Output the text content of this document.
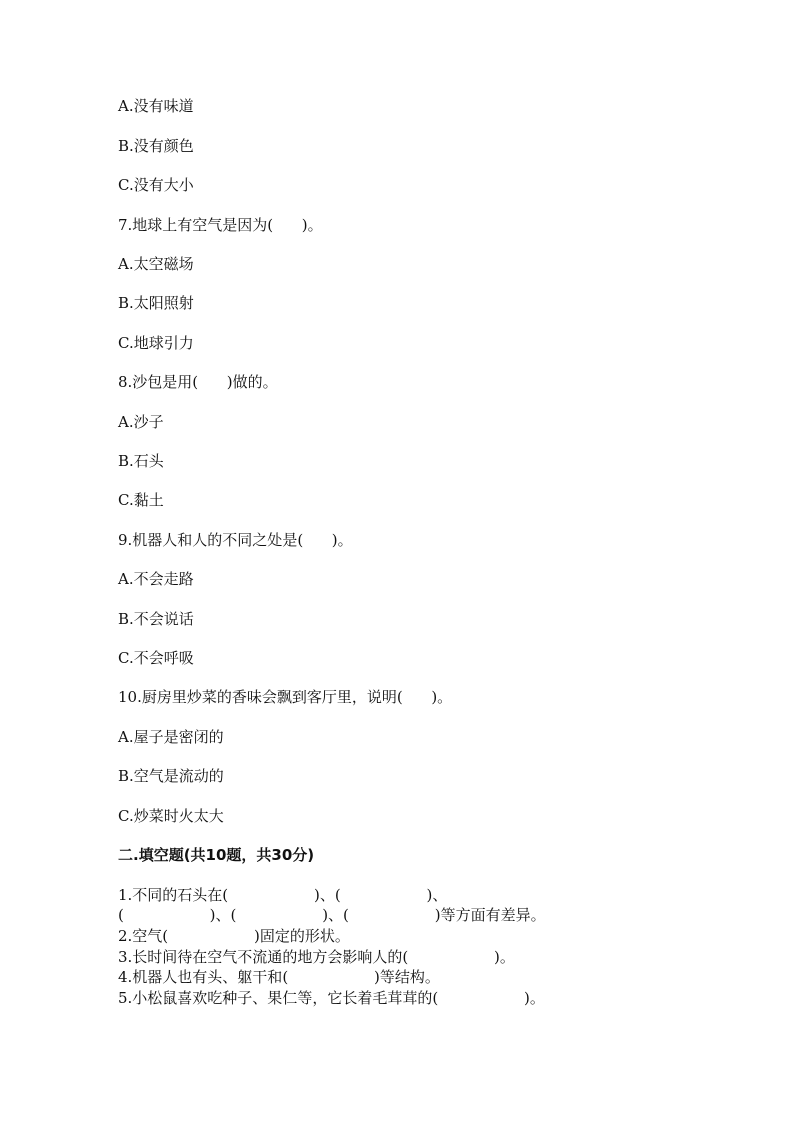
A.没有味道
B.没有颜色
C.没有大小
7.地球上有空气是因为(      )。
A.太空磁场
B.太阳照射
C.地球引力
8.沙包是用(      )做的。
A.沙子
B.石头
C.黏土
9.机器人和人的不同之处是(      )。
A.不会走路
B.不会说话
C.不会呼吸
10.厨房里炒菜的香味会飘到客厅里，说明(      )。
A.屋子是密闭的
B.空气是流动的
C.炒菜时火太大
二.填空题(共10题，共30分)
1.不同的石头在(                  )、(                  )、
(                  )、(                  )、(                  )等方面有差异。
2.空气(                  )固定的形状。
3.长时间待在空气不流通的地方会影响人的(                  )。
4.机器人也有头、躯干和(                  )等结构。
5.小松鼠喜欢吃种子、果仁等，它长着毛茸茸的(                  )。
